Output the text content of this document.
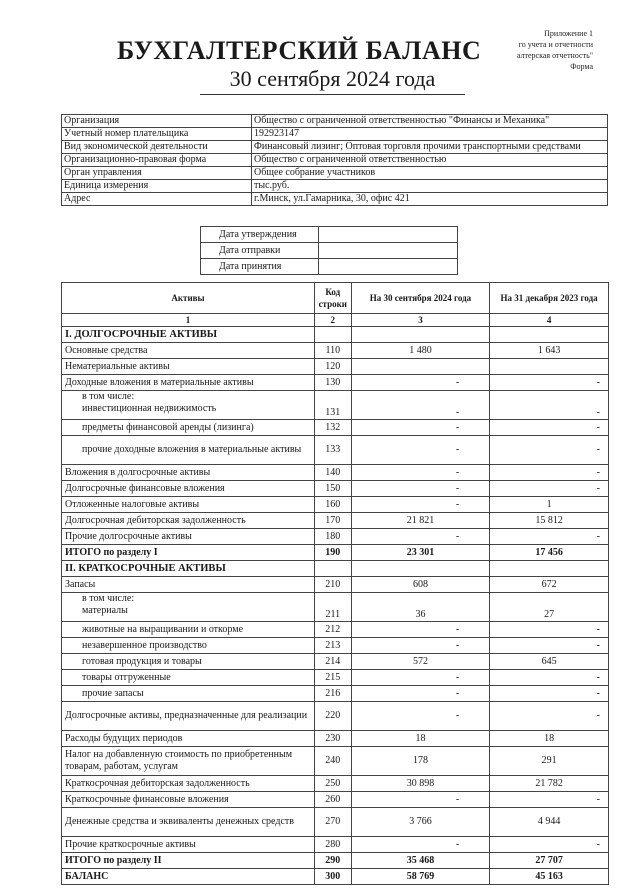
БУХГАЛТЕРСКИЙ БАЛАНС
30 сентября 2024 года
Приложение 1
го учета и отчетности
алтерская отчетность"
Форма
Организация	Общество с ограниченной ответственностью "Финансы и Механика"
Учетный номер плательщика	192923147
Вид экономической деятельности	Финансовый лизинг; Оптовая торговля прочими транспортными средствами
Организационно-правовая форма	Общество с ограниченной ответственностью
Орган управления	Общее собрание участников
Единица измерения	тыс.руб.
Адрес	г.Минск, ул.Гамарника, 30, офис 421
Дата утверждения	
Дата отправки	
Дата принятия	
Активы	Код строки	На 30 сентября 2024 года	На 31 декабря 2023 года
1	2	3	4
I. ДОЛГОСРОЧНЫЕ АКТИВЫ			
Основные средства	110	1 480	1 643
Нематериальные активы	120		
Доходные вложения в материальные активы	130	-	-

в том числе:
инвестиционная недвижимость	131	-	-
предметы финансовой аренды (лизинга)	132	-	-
прочие доходные вложения в материальные активы	133	-	-
Вложения в долгосрочные активы	140	-	-
Долгосрочные финансовые вложения	150	-	-
Отложенные налоговые активы	160	-	1
Долгосрочная дебиторская задолженность	170	21 821	15 812
Прочие долгосрочные активы	180	-	-
ИТОГО по разделу I	190	23 301	17 456
II. КРАТКОСРОЧНЫЕ АКТИВЫ			
Запасы	210	608	672

в том числе:
материалы	211	36	27
животные на выращивании и откорме	212	-	-
незавершенное производство	213	-	-
готовая продукция и товары	214	572	645
товары отгруженные	215	-	-
прочие запасы	216	-	-
Долгосрочные активы, предназначенные для реализации	220	-	-
Расходы будущих периодов	230	18	18
Налог на добавленную стоимость по приобретенным товарам, работам, услугам	240	178	291
Краткосрочная дебиторская задолженность	250	30 898	21 782
Краткосрочные финансовые вложения	260	-	-
Денежные средства и эквиваленты денежных средств	270	3 766	4 944
Прочие краткосрочные активы	280	-	-
ИТОГО по разделу II	290	35 468	27 707
БАЛАНС	300	58 769	45 163
